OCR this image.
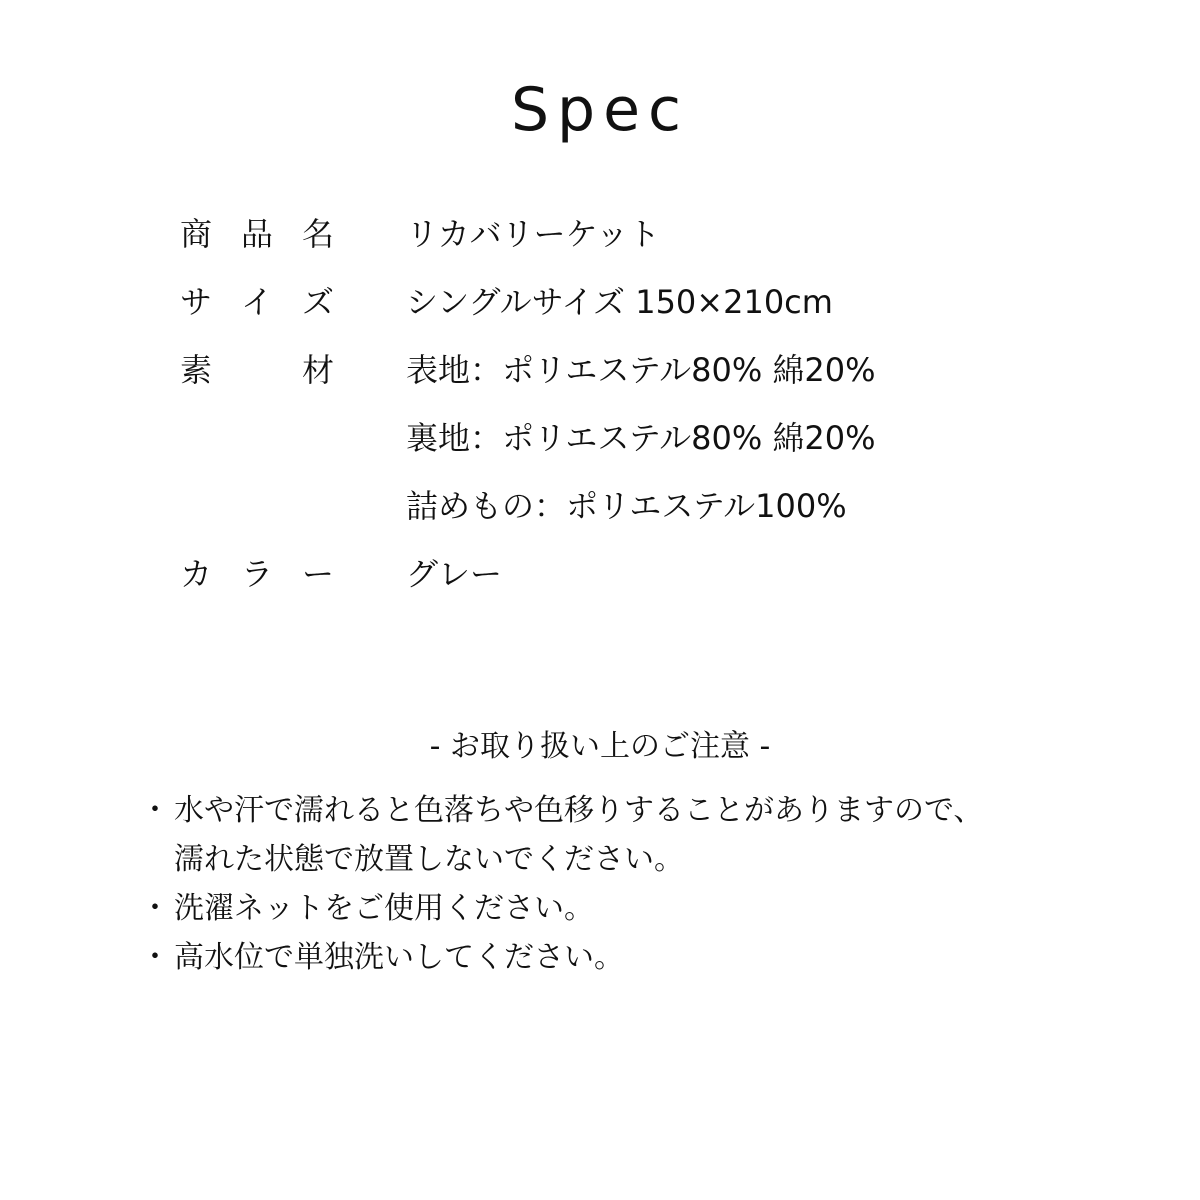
Spec
商 品 名 リカバリーケット
サ イ ズ シングルサイズ 150×210cm
素	材 表地：ポリエステル80% 綿20%
裏地：ポリエステル80% 綿20%
詰めもの：ポリエステル100%
カ ラ ー グレー
- お取り扱い上のご注意 -
・ 水や汗で濡れると色落ちや色移りすることがありますので、
濡れた状態で放置しないでください。
・ 洗濯ネットをご使用ください。
・ 高水位で単独洗いしてください。
